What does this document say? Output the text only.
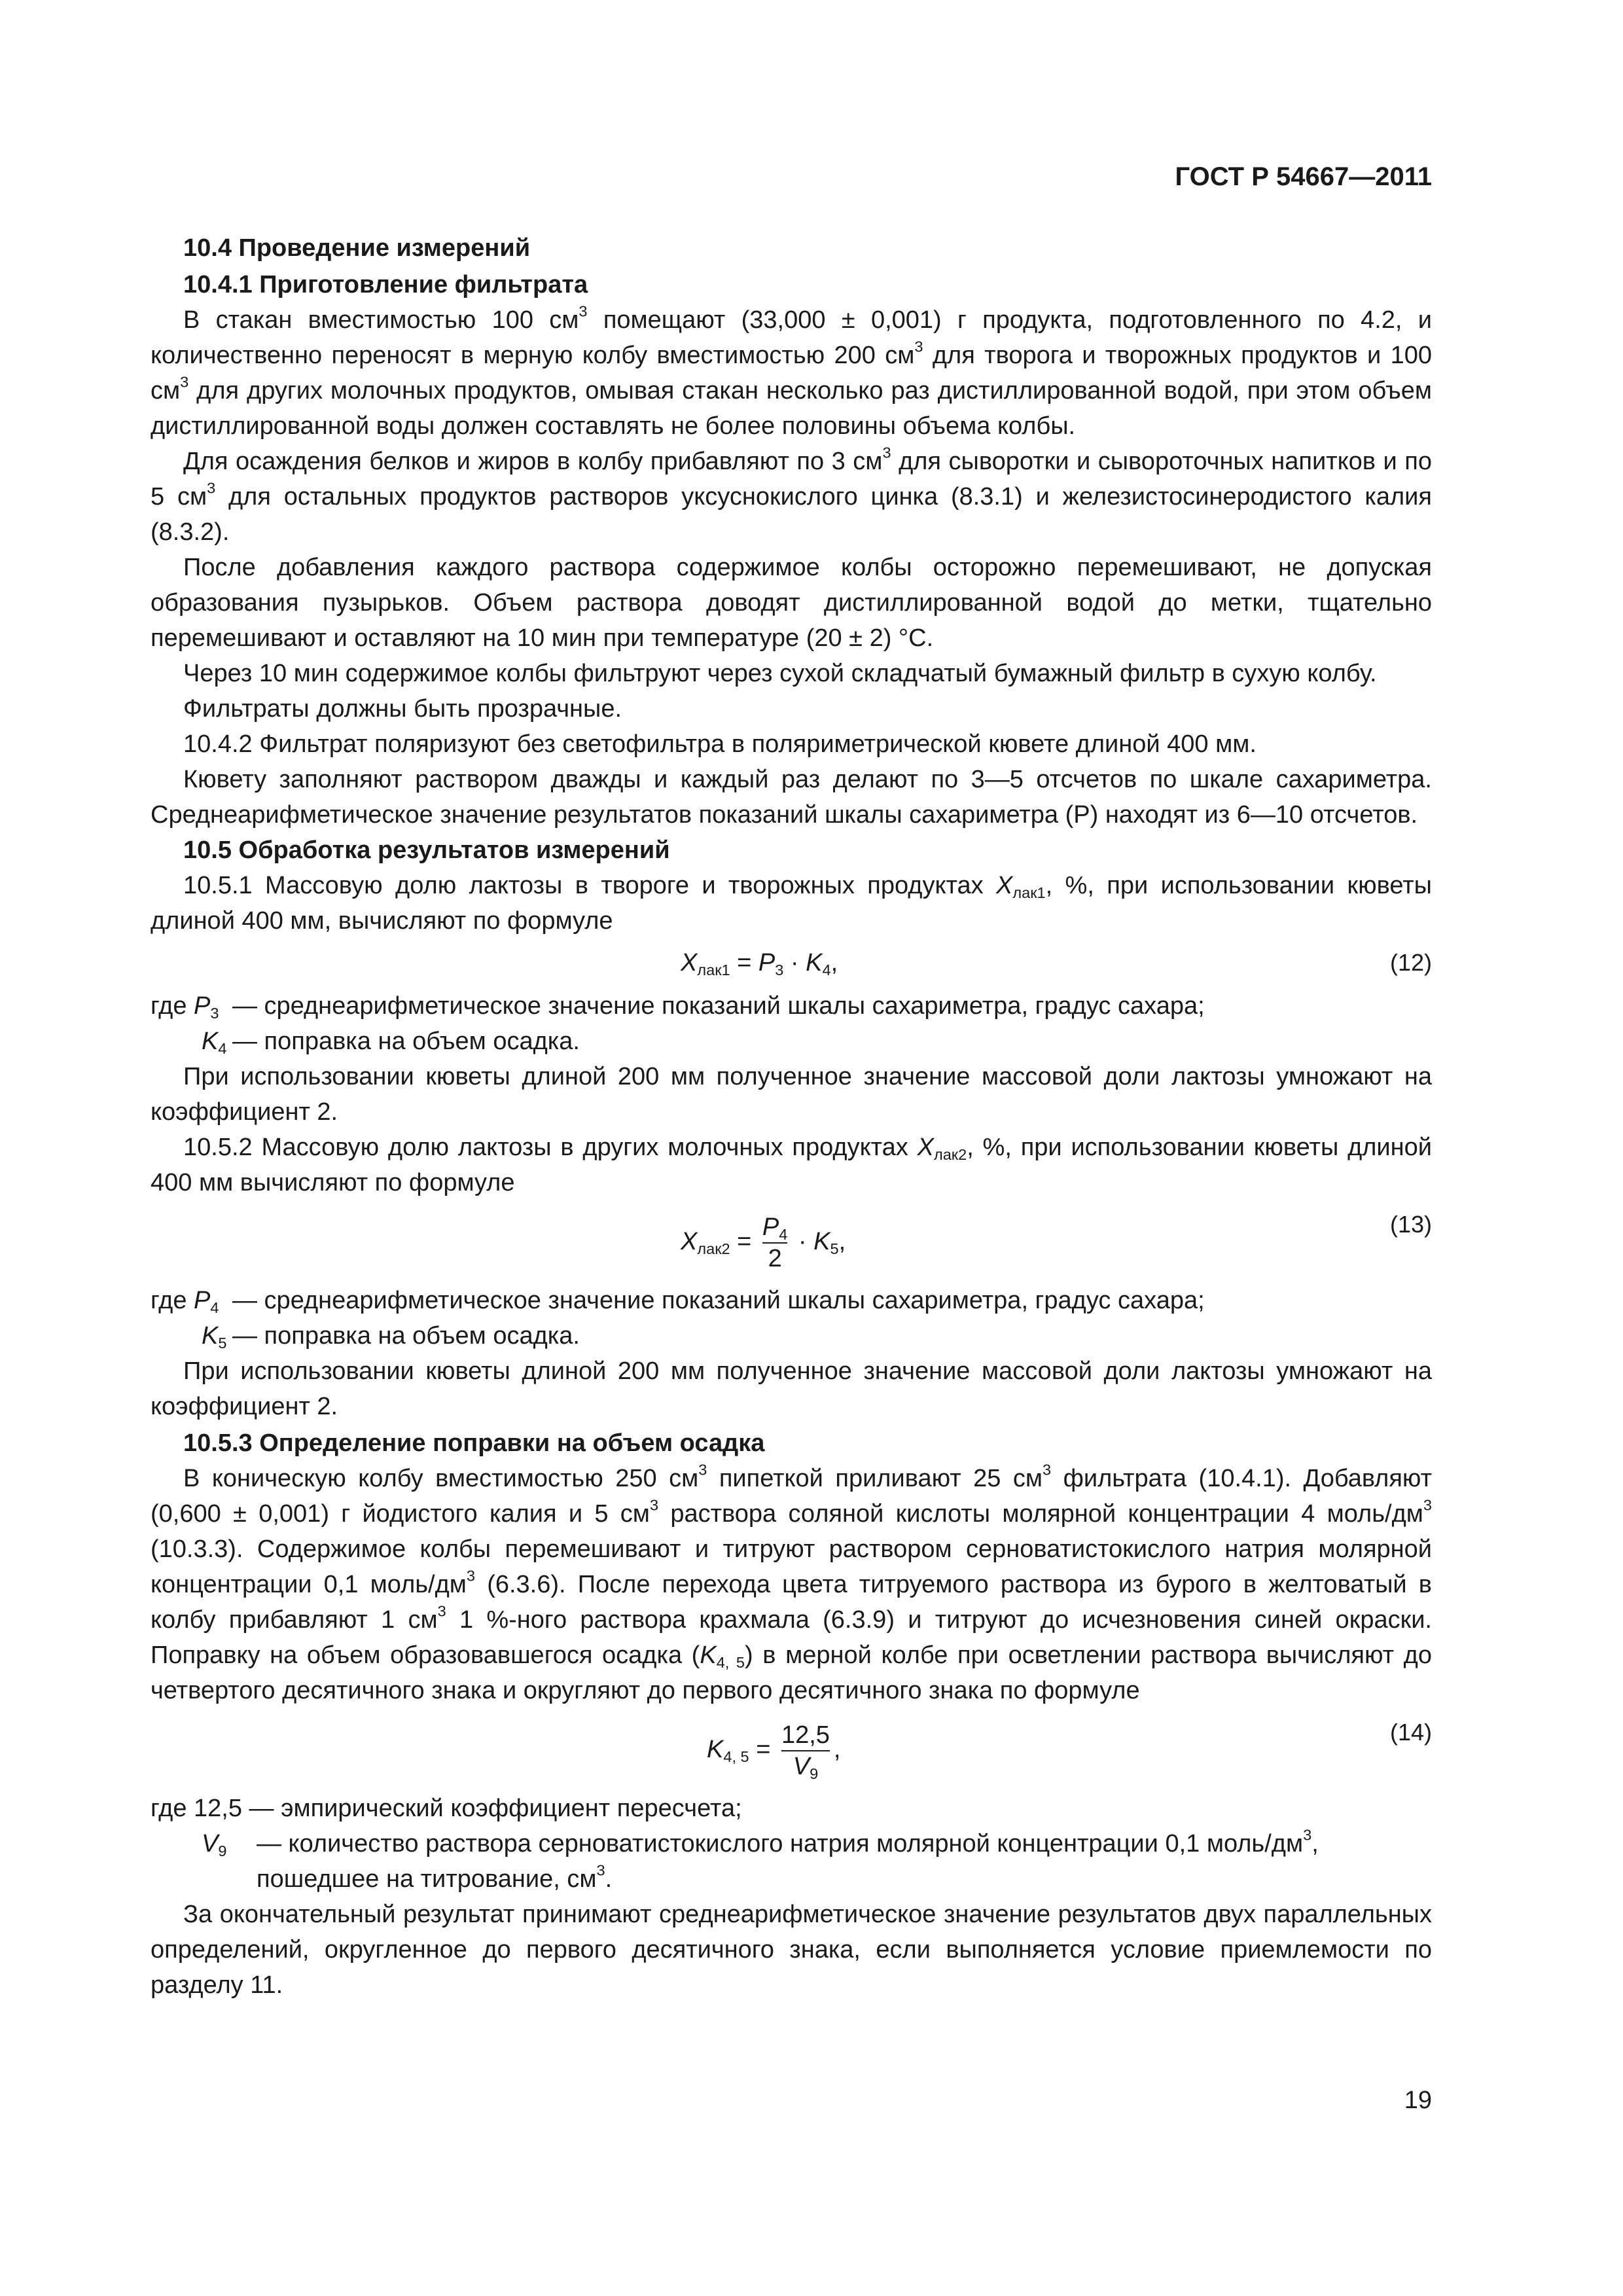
ГОСТ Р 54667—2011
10.4 Проведение измерений
10.4.1 Приготовление фильтрата

В стакан вместимостью 100 $см^3$ помещают (33,000 ± 0,001) г продукта, подготовленного по 4.2, и количественно переносят в мерную колбу вместимостью 200 $см^3$ для творога и творожных продуктов и 100 $см^3$ для других молочных продуктов, омывая стакан несколько раз дистиллированной водой, при этом объем дистиллированной воды должен составлять не более половины объема колбы.

Для осаждения белков и жиров в колбу прибавляют по 3 $см^3$ для сыворотки и сывороточных напитков и по 5 $см^3$ для остальных продуктов растворов уксуснокислого цинка (8.3.1) и железистосинеродистого калия (8.3.2).

После добавления каждого раствора содержимое колбы осторожно перемешивают, не допуская образования пузырьков. Объем раствора доводят дистиллированной водой до метки, тщательно перемешивают и оставляют на 10 мин при температуре (20 ± 2) °С.

Через 10 мин содержимое колбы фильтруют через сухой складчатый бумажный фильтр в сухую колбу.

Фильтраты должны быть прозрачные.

10.4.2 Фильтрат поляризуют без светофильтра в поляриметрической кювете длиной 400 мм.

Кювету заполняют раствором дважды и каждый раз делают по 3—5 отсчетов по шкале сахариметра. Среднеарифметическое значение результатов показаний шкалы сахариметра (Р) находят из 6—10 отсчетов.

10.5 Обработка результатов измерений

10.5.1 Массовую долю лактозы в твороге и творожных продуктах $X_{лак1}$, %, при использовании кюветы длиной 400 мм, вычисляют по формуле

$X_{лак1} = P_3 \cdot K_4$,	(12)
где $P_3$ — среднеарифметическое значение показаний шкалы сахариметра, градус сахара;
$K_4$ — поправка на объем осадка.

При использовании кюветы длиной 200 мм полученное значение массовой доли лактозы умножают на коэффициент 2.

10.5.2 Массовую долю лактозы в других молочных продуктах $X_{лак2}$, %, при использовании кюветы длиной 400 мм вычисляют по формуле

$X_{лак2} = \frac{P_4}{2} \cdot K_5$,
(13)
где $P_4$ — среднеарифметическое значение показаний шкалы сахариметра, градус сахара;
$K_5$ — поправка на объем осадка.

При использовании кюветы длиной 200 мм полученное значение массовой доли лактозы умножают на коэффициент 2.

10.5.3 Определение поправки на объем осадка

В коническую колбу вместимостью 250 $см^3$ пипеткой приливают 25 $см^3$ фильтрата (10.4.1). Добавляют (0,600 ± 0,001) г йодистого калия и 5 $см^3$ раствора соляной кислоты молярной концентрации 4 моль/$дм^3$ (10.3.3). Содержимое колбы перемешивают и титруют раствором серноватистокислого натрия молярной концентрации 0,1 моль/$дм^3$ (6.3.6). После перехода цвета титруемого раствора из бурого в желтоватый в колбу прибавляют 1 $см^3$ 1 %-ного раствора крахмала (6.3.9) и титруют до исчезновения синей окраски. Поправку на объем образовавшегося осадка $(K_{4, 5})$ в мерной колбе при осветлении раствора вычисляют до четвертого десятичного знака и округляют до первого десятичного знака по формуле

$K_{4, 5} = \frac{12,5}{V_9}$ ,
(14)
где 12,5 — эмпирический коэффициент пересчета;
$V_9$ — количество раствора серноватистокислого натрия молярной концентрации 0,1 моль/$дм^3$,
пошедшее на титрование, $см^3$.

За окончательный результат принимают среднеарифметическое значение результатов двух параллельных определений, округленное до первого десятичного знака, если выполняется условие приемлемости по разделу 11.

19
